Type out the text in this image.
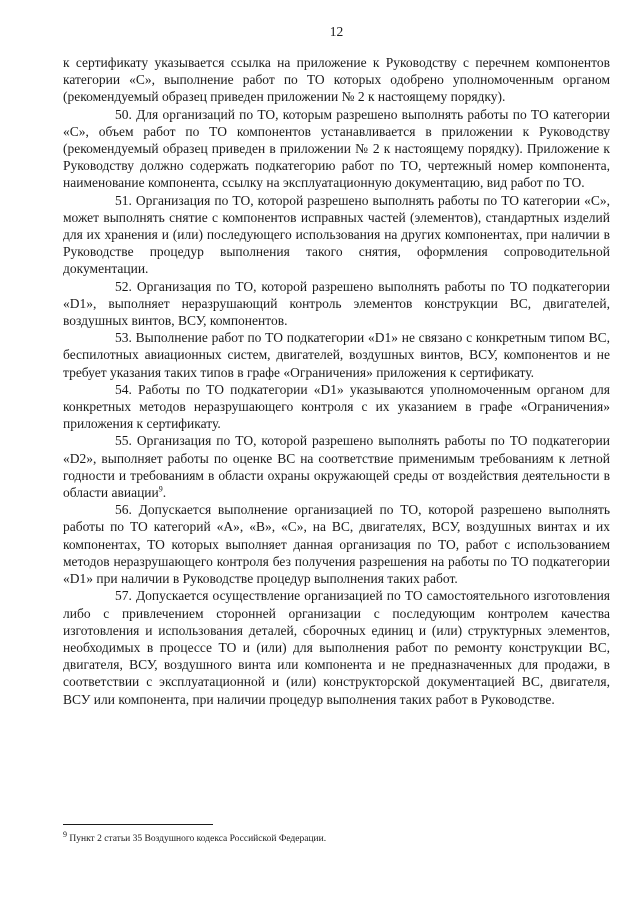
12

к сертификату указывается ссылка на приложение к Руководству с перечнем компонентов категории «C», выполнение работ по ТО которых одобрено уполномоченным органом (рекомендуемый образец приведен приложении № 2 к настоящему порядку).

50. Для организаций по ТО, которым разрешено выполнять работы по ТО категории «C», объем работ по ТО компонентов устанавливается в приложении к Руководству (рекомендуемый образец приведен в приложении № 2 к настоящему порядку). Приложение к Руководству должно содержать подкатегорию работ по ТО, чертежный номер компонента, наименование компонента, ссылку на эксплуатационную документацию, вид работ по ТО.

51. Организация по ТО, которой разрешено выполнять работы по ТО категории «C», может выполнять снятие с компонентов исправных частей (элементов), стандартных изделий для их хранения и (или) последующего использования на других компонентах, при наличии в Руководстве процедур выполнения такого снятия, оформления сопроводительной документации.

52. Организация по ТО, которой разрешено выполнять работы по ТО подкатегории «D1», выполняет неразрушающий контроль элементов конструкции ВС, двигателей, воздушных винтов, ВСУ, компонентов.

53. Выполнение работ по ТО подкатегории «D1» не связано с конкретным типом ВС, беспилотных авиационных систем, двигателей, воздушных винтов, ВСУ, компонентов и не требует указания таких типов в графе «Ограничения» приложения к сертификату.

54. Работы по ТО подкатегории «D1» указываются уполномоченным органом для конкретных методов неразрушающего контроля с их указанием в графе «Ограничения» приложения к сертификату.

55. Организация по ТО, которой разрешено выполнять работы по ТО подкатегории «D2», выполняет работы по оценке ВС на соответствие применимым требованиям к летной годности и требованиям в области охраны окружающей среды от воздействия деятельности в области авиации$^9$.

56. Допускается выполнение организацией по ТО, которой разрешено выполнять работы по ТО категорий «А», «В», «С», на ВС, двигателях, ВСУ, воздушных винтах и их компонентах, ТО которых выполняет данная организация по ТО, работ с использованием методов неразрушающего контроля без получения разрешения на работы по ТО подкатегории «D1» при наличии в Руководстве процедур выполнения таких работ.

57. Допускается осуществление организацией по ТО самостоятельного изготовления либо с привлечением сторонней организации с последующим контролем качества изготовления и использования деталей, сборочных единиц и (или) структурных элементов, необходимых в процессе ТО и (или) для выполнения работ по ремонту конструкции ВС, двигателя, ВСУ, воздушного винта или компонента и не предназначенных для продажи, в соответствии с эксплуатационной и (или) конструкторской документацией ВС, двигателя, ВСУ или компонента, при наличии процедур выполнения таких работ в Руководстве.

$^9$ Пункт 2 статьи 35 Воздушного кодекса Российской Федерации.
